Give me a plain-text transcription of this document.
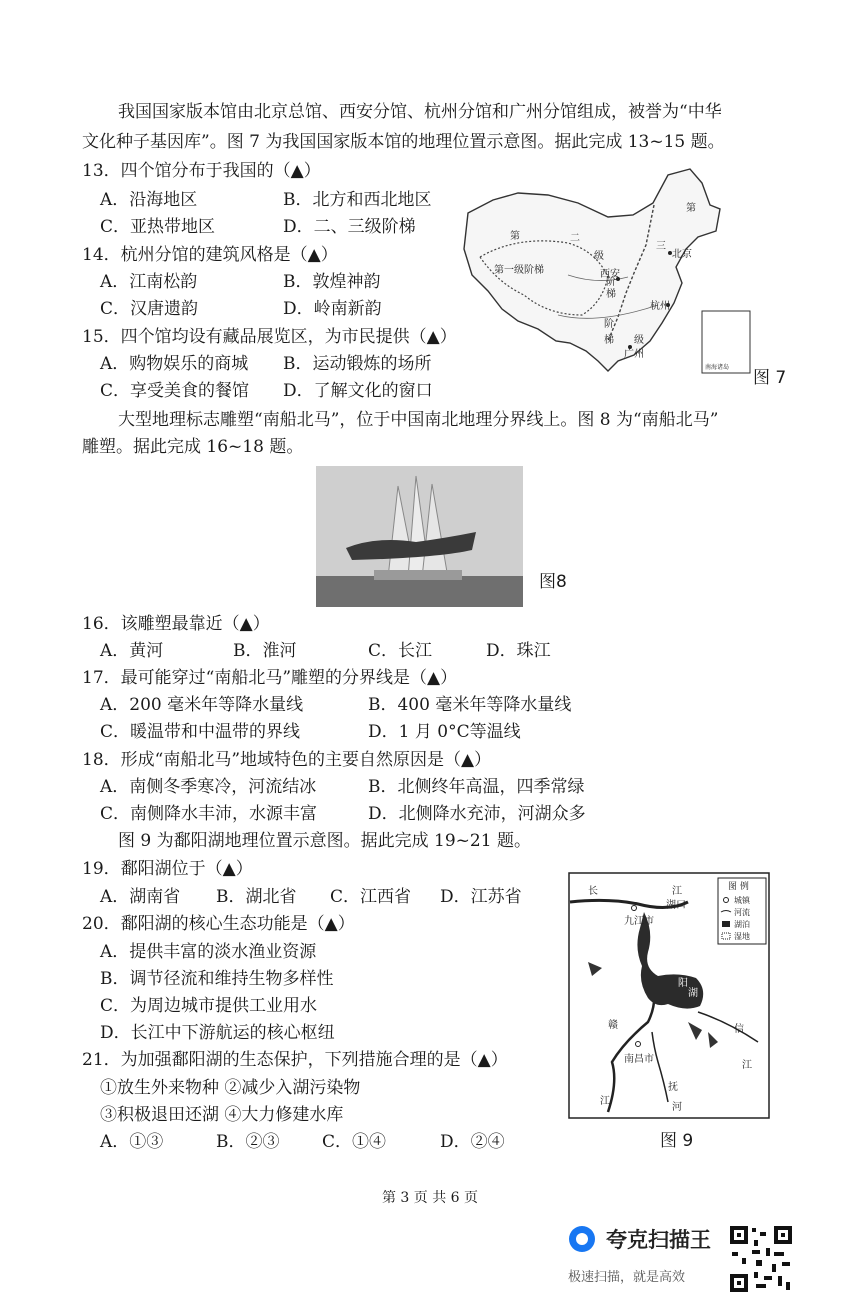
我国国家版本馆由北京总馆、西安分馆、杭州分馆和广州分馆组成，被誉为“中华
文化种子基因库”。图 7 为我国国家版本馆的地理位置示意图。据此完成 13~15 题。
13．四个馆分布于我国的（▲）
A．沿海地区	B．北方和西北地区
C．亚热带地区	D．二、三级阶梯
14．杭州分馆的建筑风格是（▲）
A．江南松韵	B．敦煌神韵
C．汉唐遗韵	D．岭南新韵
15．四个馆均设有藏品展览区，为市民提供（▲）
A．购物娱乐的商城 B．运动锻炼的场所
C．享受美食的餐馆 D．了解文化的窗口
第一级阶梯
第	二
级
阶
梯
第
三
北京
西安
杭州
广州
阶
梯 级
南海诸岛
图 7
大型地理标志雕塑“南船北马”，位于中国南北地理分界线上。图 8 为“南船北马”
雕塑。据此完成 16~18 题。
图8
16．该雕塑最靠近（▲）
A．黄河	B．淮河	C．长江	D．珠江
17．最可能穿过“南船北马”雕塑的分界线是（▲）
A．200 毫米年等降水量线	B．400 毫米年等降水量线
C．暖温带和中温带的界线	D．1 月 0°C等温线
18．形成“南船北马”地域特色的主要自然原因是（▲）
A．南侧冬季寒冷，河流结冰	B．北侧终年高温，四季常绿
C．南侧降水丰沛，水源丰富	D．北侧降水充沛，河湖众多
图 9 为鄱阳湖地理位置示意图。据此完成 19~21 题。
19．鄱阳湖位于（▲）
A．湖南省 B．湖北省 C．江西省 D．江苏省
20．鄱阳湖的核心生态功能是（▲）
A．提供丰富的淡水渔业资源
B．调节径流和维持生物多样性
C．为周边城市提供工业用水
D．长江中下游航运的核心枢纽
21．为加强鄱阳湖的生态保护，下列措施合理的是（▲）
①放生外来物种 ②减少入湖污染物
③积极退田还湖 ④大力修建水库
A．①③	B．②③	C．①④	D．②④
图 例
城镇
河流
湖泊
湿地
长	江
九江市
湖口
鄱
阳
湖
赣
南昌市
信
江
江
抚
河
图 9
第 3 页 共 6 页
夸克扫描王
极速扫描，就是高效
